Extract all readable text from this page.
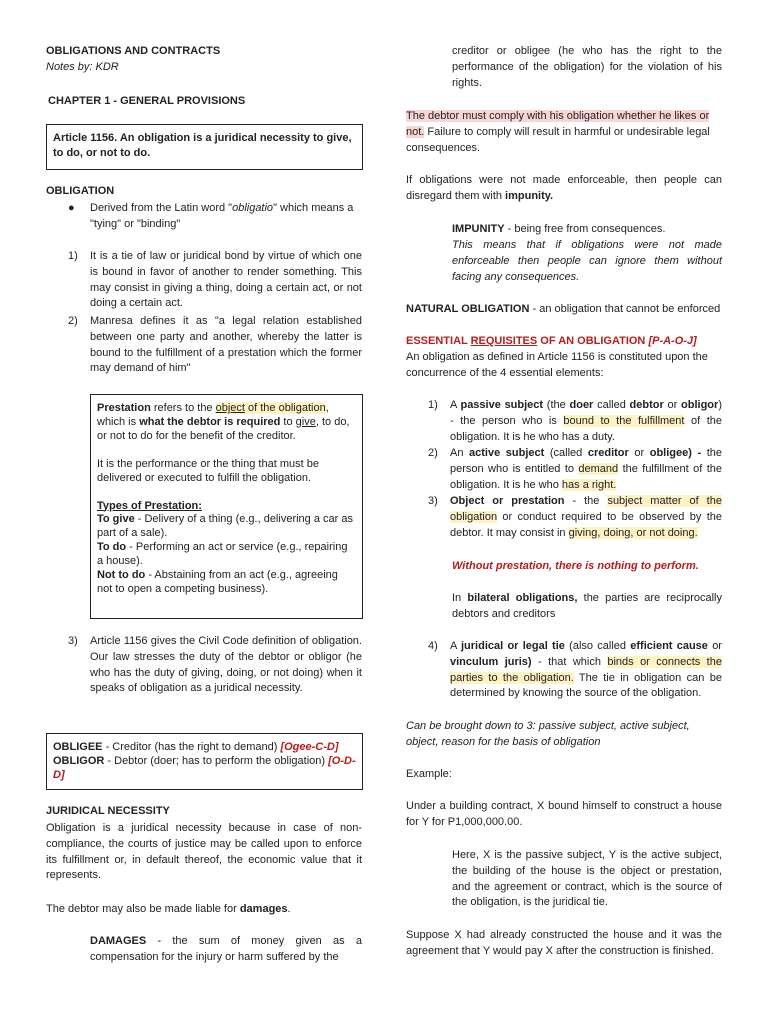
OBLIGATIONS AND CONTRACTS
Notes by: KDR
CHAPTER 1 - GENERAL PROVISIONS
Article 1156. An obligation is a juridical necessity to give, to do, or not to do.
OBLIGATION
●	Derived from the Latin word "obligatio" which means a "tying" or "binding"
1)	It is a tie of law or juridical bond by virtue of which one is bound in favor of another to render something. This may consist in giving a thing, doing a certain act, or not doing a certain act.
2)	Manresa defines it as "a legal relation established between one party and another, whereby the latter is bound to the fulfillment of a prestation which the former may demand of him"

Prestation refers to the object of the obligation, which is what the debtor is required to give, to do, or not to do for the benefit of the creditor.

It is the performance or the thing that must be delivered or executed to fulfill the obligation.

Types of Prestation:

To give - Delivery of a thing (e.g., delivering a car as part of a sale).

To do - Performing an act or service (e.g., repairing a house).

Not to do - Abstaining from an act (e.g., agreeing not to open a competing business).

3)	Article 1156 gives the Civil Code definition of obligation. Our law stresses the duty of the debtor or obligor (he who has the duty of giving, doing, or not doing) when it speaks of obligation as a juridical necessity.

OBLIGEE - Creditor (has the right to demand) [Ogee-C-D]

OBLIGOR - Debtor (doer; has to perform the obligation) [O-D-D]

JURIDICAL NECESSITY
Obligation is a juridical necessity because in case of non-compliance, the courts of justice may be called upon to enforce its fulfillment or, in default thereof, the economic value that it represents.
The debtor may also be made liable for damages.
DAMAGES - the sum of money given as a compensation for the injury or harm suffered by the
creditor or obligee (he who has the right to the performance of the obligation) for the violation of his rights.
The debtor must comply with his obligation whether he likes or not. Failure to comply will result in harmful or undesirable legal consequences.
If obligations were not made enforceable, then people can disregard them with impunity.
IMPUNITY - being free from consequences.
This means that if obligations were not made enforceable then people can ignore them without facing any consequences.
NATURAL OBLIGATION - an obligation that cannot be enforced
ESSENTIAL REQUISITES OF AN OBLIGATION [P-A-O-J]
An obligation as defined in Article 1156 is constituted upon the concurrence of the 4 essential elements:
1)	A passive subject (the doer called debtor or obligor) - the person who is bound to the fulfillment of the obligation. It is he who has a duty.
2)	An active subject (called creditor or obligee) - the person who is entitled to demand the fulfillment of the obligation. It is he who has a right.
3)	Object or prestation - the subject matter of the obligation or conduct required to be observed by the debtor. It may consist in giving, doing, or not doing.
Without prestation, there is nothing to perform.
In bilateral obligations, the parties are reciprocally debtors and creditors
4)	A juridical or legal tie (also called efficient cause or vinculum juris) - that which binds or connects the parties to the obligation. The tie in obligation can be determined by knowing the source of the obligation.
Can be brought down to 3: passive subject, active subject, object, reason for the basis of obligation
Example:
Under a building contract, X bound himself to construct a house for Y for P1,000,000.00.
Here, X is the passive subject, Y is the active subject, the building of the house is the object or prestation, and the agreement or contract, which is the source of the obligation, is the juridical tie.
Suppose X had already constructed the house and it was the agreement that Y would pay X after the construction is finished.
